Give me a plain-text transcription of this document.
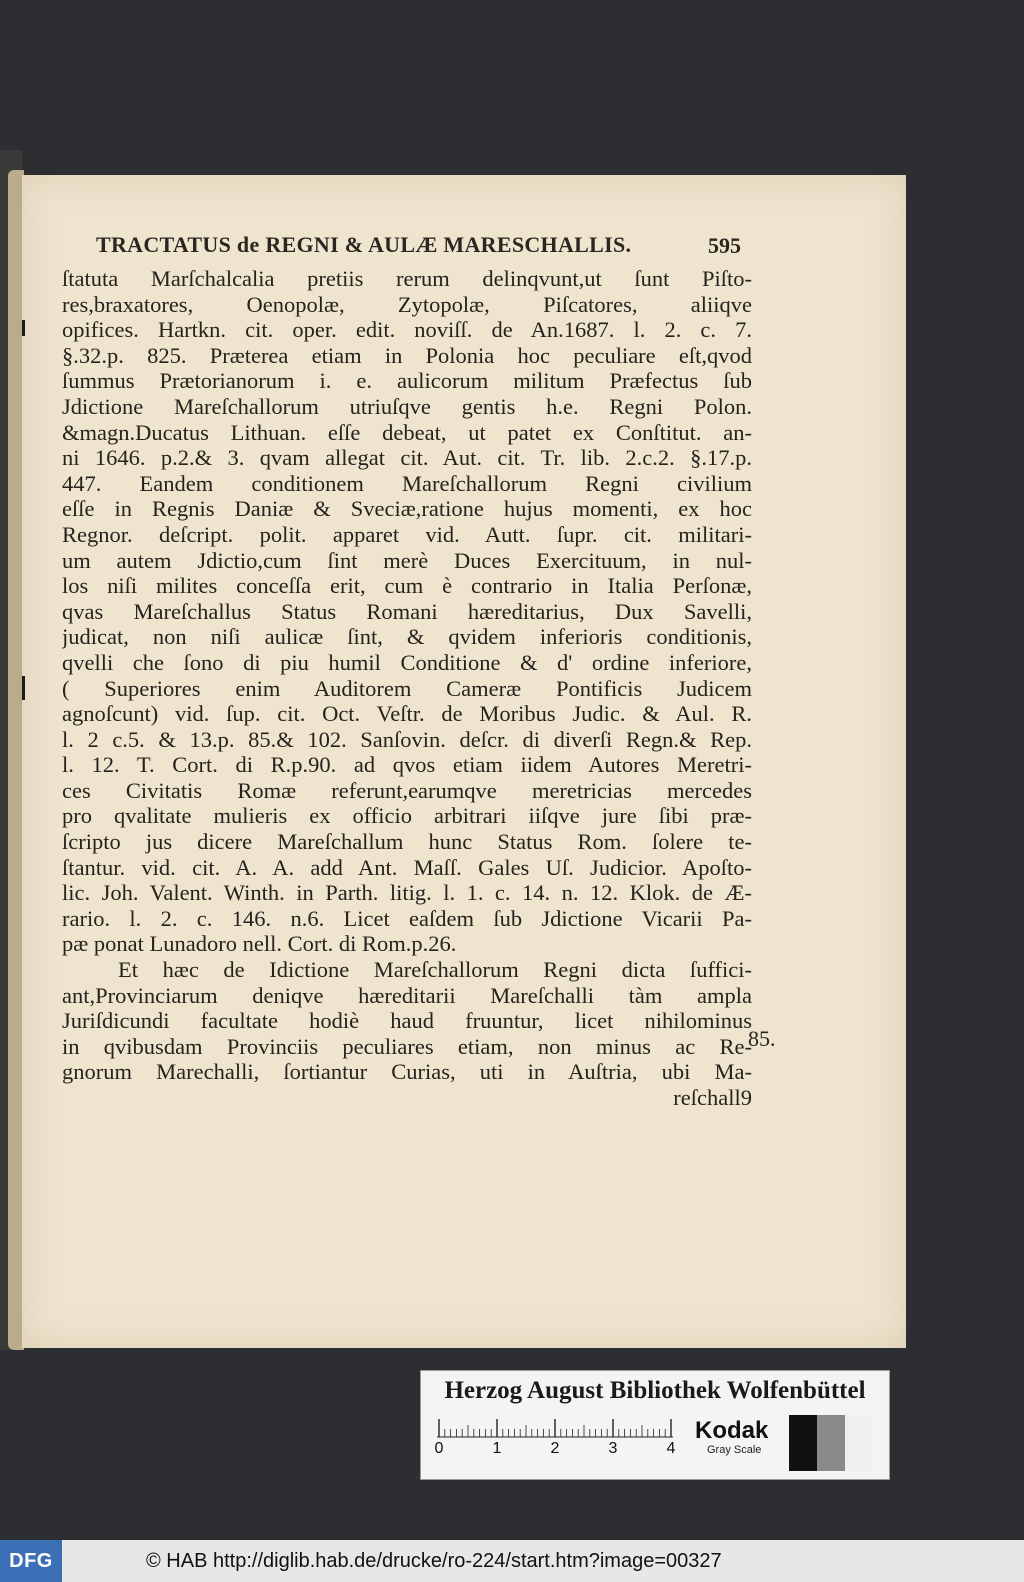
TRACTATUS de REGNI & AULÆ MARESCHALLIS.	595
ſtatuta Marſchalcalia pretiis rerum delinqvunt,ut ſunt Piſto-
res,braxatores, Oenopolæ, Zytopolæ, Piſcatores, aliiqve
opifices. Hartkn. cit. oper. edit. noviſſ. de An.1687. l. 2. c. 7.
§.32.p. 825. Præterea etiam in Polonia hoc peculiare eſt,qvod
ſummus Prætorianorum i. e. aulicorum militum Præfectus ſub
Jdictione Mareſchallorum utriuſqve gentis h.e. Regni Polon.
&magn.Ducatus Lithuan. eſſe debeat, ut patet ex Conſtitut. an-
ni 1646. p.2.& 3. qvam allegat cit. Aut. cit. Tr. lib. 2.c.2. §.17.p.
447. Eandem conditionem Mareſchallorum Regni civilium
eſſe in Regnis Daniæ & Sveciæ,ratione hujus momenti, ex hoc
Regnor. deſcript. polit. apparet vid. Autt. ſupr. cit. militari-
um autem Jdictio,cum ſint merè Duces Exercituum, in nul-
los niſi milites conceſſa erit, cum è contrario in Italia Perſonæ,
qvas Mareſchallus Status Romani hæreditarius, Dux Savelli,
judicat, non niſi aulicæ ſint, & qvidem inferioris conditionis,
qvelli che ſono di piu humil Conditione & d' ordine inferiore,
( Superiores enim Auditorem Cameræ Pontificis Judicem
agnoſcunt) vid. ſup. cit. Oct. Veſtr. de Moribus Judic. & Aul. R.
l. 2 c.5. & 13.p. 85.& 102. Sanſovin. deſcr. di diverſi Regn.& Rep.
l. 12. T. Cort. di R.p.90. ad qvos etiam iidem Autores Meretri-
ces Civitatis Romæ referunt,earumqve meretricias mercedes
pro qvalitate mulieris ex officio arbitrari iiſqve jure ſibi præ-
ſcripto jus dicere Mareſchallum hunc Status Rom. ſolere te-
ſtantur. vid. cit. A. A. add Ant. Maſſ. Gales Uſ. Judicior. Apoſto-
lic. Joh. Valent. Winth. in Parth. litig. l. 1. c. 14. n. 12. Klok. de Æ-
rario. l. 2. c. 146. n.6. Licet eaſdem ſub Jdictione Vicarii Pa-
pæ ponat Lunadoro nell. Cort. di Rom.p.26.
Et hæc de Idictione Mareſchallorum Regni dicta ſuffici-
ant,Provinciarum deniqve hæreditarii Mareſchalli tàm ampla
Juriſdicundi facultate hodiè haud fruuntur, licet nihilominus
in qvibusdam Provinciis peculiares etiam, non minus ac Re-
gnorum Marechalli, ſortiantur Curias, uti in Auſtria, ubi Ma-
reſchall9
85.
Herzog August Bibliothek Wolfenbüttel
0	1	2	3	4
Kodak
Gray Scale
DFG	© HAB http://diglib.hab.de/drucke/ro-224/start.htm?image=00327
